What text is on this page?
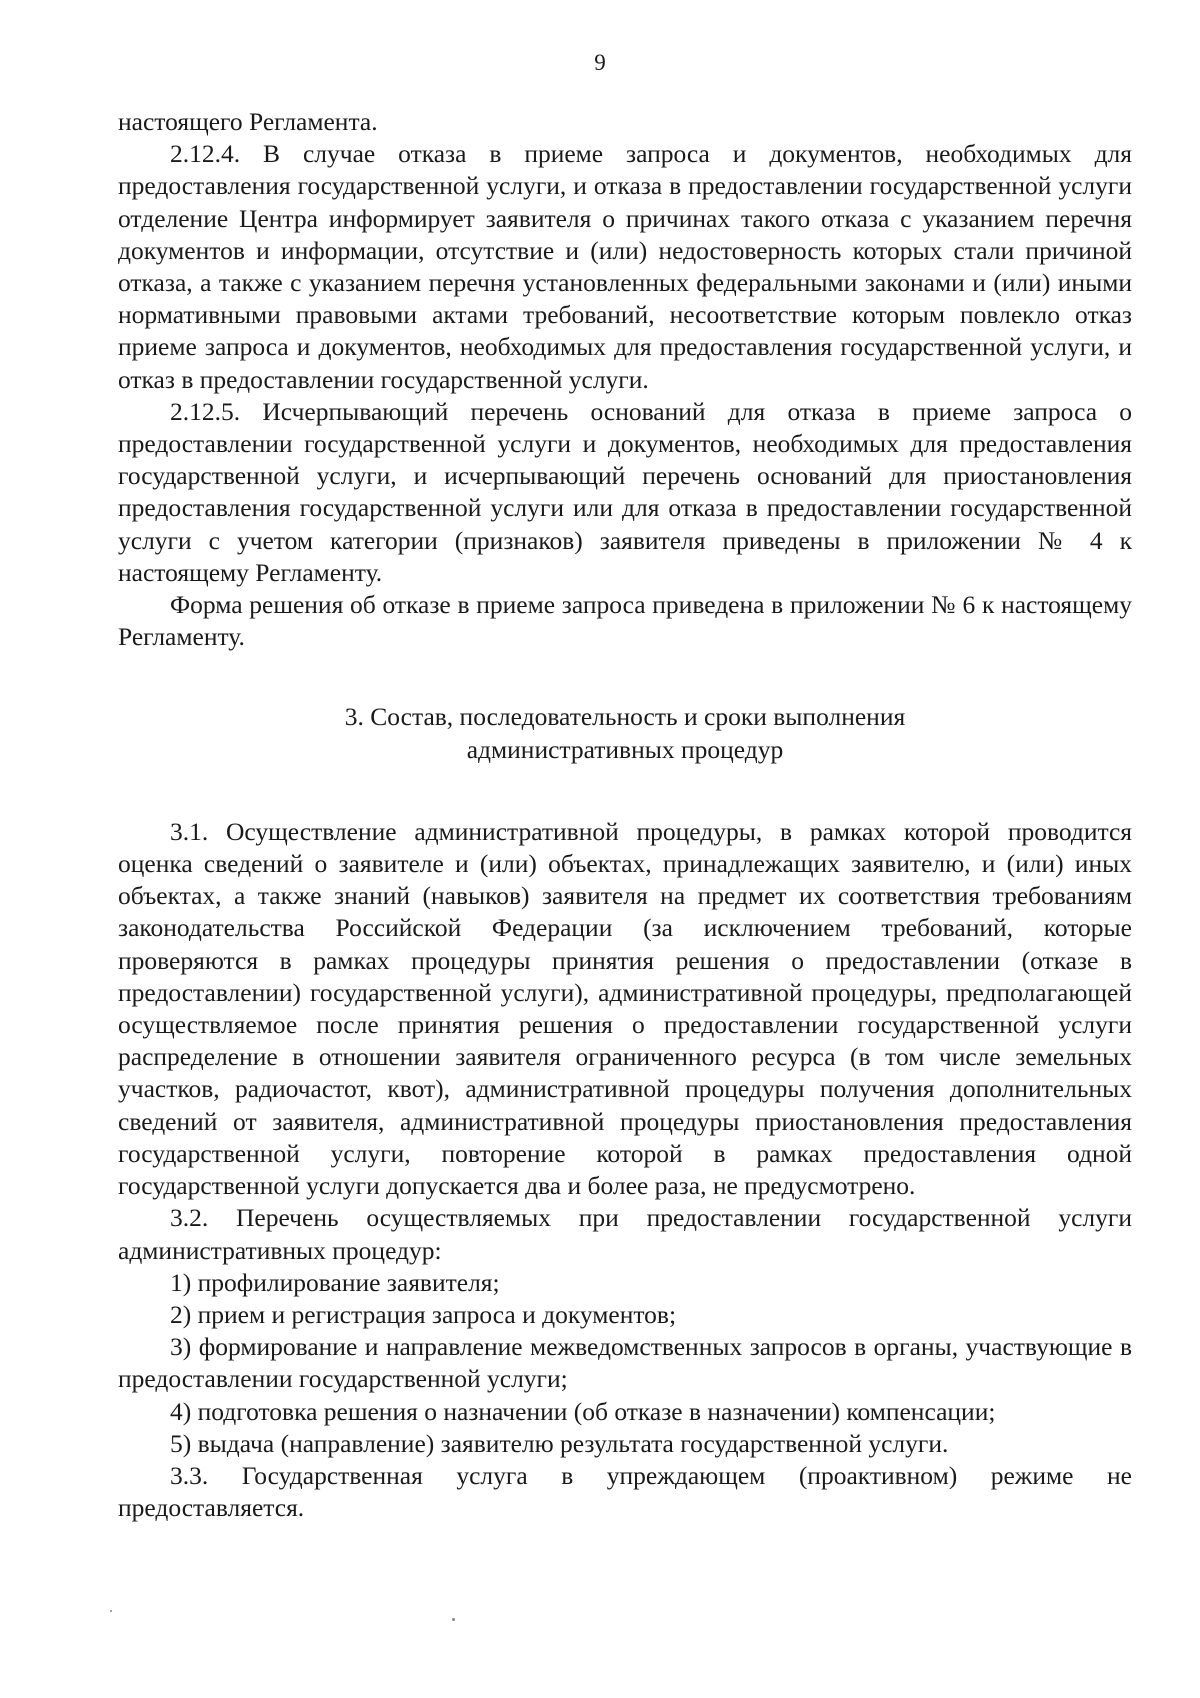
9

настоящего Регламента.

2.12.4. В случае отказа в приеме запроса и документов, необходимых для предоставления государственной услуги, и отказа в предоставлении государственной услуги отделение Центра информирует заявителя о причинах такого отказа с указанием перечня документов и информации, отсутствие и (или) недостоверность которых стали причиной отказа, а также с указанием перечня установленных федеральными законами и (или) иными нормативными правовыми актами требований, несоответствие которым повлекло отказ приеме запроса и документов, необходимых для предоставления государственной услуги, и отказ в предоставлении государственной услуги.

2.12.5. Исчерпывающий перечень оснований для отказа в приеме запроса о предоставлении государственной услуги и документов, необходимых для предоставления государственной услуги, и исчерпывающий перечень оснований для приостановления предоставления государственной услуги или для отказа в предоставлении государственной услуги с учетом категории (признаков) заявителя приведены в приложении № 4 к настоящему Регламенту.

Форма решения об отказе в приеме запроса приведена в приложении № 6 к настоящему Регламенту.

3. Состав, последовательность и сроки выполнения
административных процедур

3.1. Осуществление административной процедуры, в рамках которой проводится оценка сведений о заявителе и (или) объектах, принадлежащих заявителю, и (или) иных объектах, а также знаний (навыков) заявителя на предмет их соответствия требованиям законодательства Российской Федерации (за исключением требований, которые проверяются в рамках процедуры принятия решения о предоставлении (отказе в предоставлении) государственной услуги), административной процедуры, предполагающей осуществляемое после принятия решения о предоставлении государственной услуги распределение в отношении заявителя ограниченного ресурса (в том числе земельных участков, радиочастот, квот), административной процедуры получения дополнительных сведений от заявителя, административной процедуры приостановления предоставления государственной услуги, повторение которой в рамках предоставления одной государственной услуги допускается два и более раза, не предусмотрено.

3.2. Перечень осуществляемых при предоставлении государственной услуги административных процедур:

1) профилирование заявителя;

2) прием и регистрация запроса и документов;

3) формирование и направление межведомственных запросов в органы, участвующие в предоставлении государственной услуги;

4) подготовка решения о назначении (об отказе в назначении) компенсации;

5) выдача (направление) заявителю результата государственной услуги.

3.3. Государственная услуга в упреждающем (проактивном) режиме не предоставляется.
